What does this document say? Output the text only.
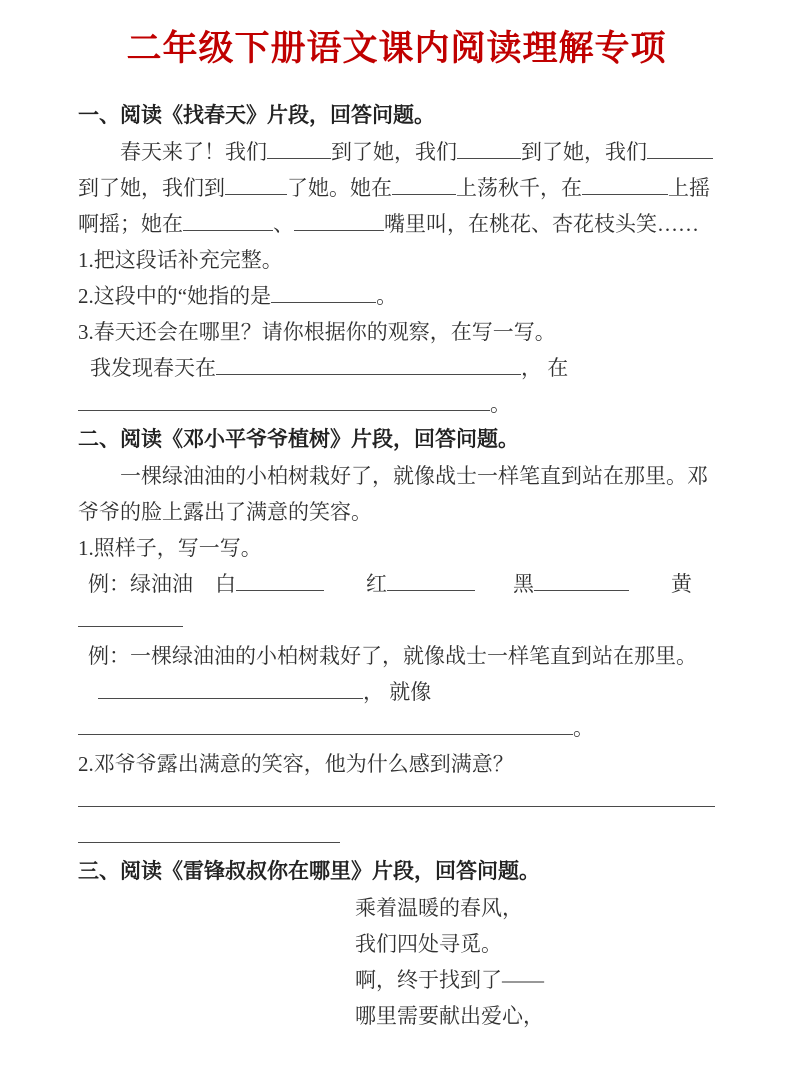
二年级下册语文课内阅读理解专项

一、阅读《找春天》片段，回答问题。

春天来了！我们	到了她，我们	到了她，我们

到了她，我们到	了她。她在	上荡秋千，在	上摇

啊摇；她在	、	嘴里叫，在桃花、杏花枝头笑……

1.把这段话补充完整。

2.这段中的“她指的是	。

3.春天还会在哪里？请你根据你的观察，在写一写。

我发现春天在	， 在

。

二、阅读《邓小平爷爷植树》片段，回答问题。

一棵绿油油的小柏树栽好了，就像战士一样笔直到站在那里。邓

爷爷的脸上露出了满意的笑容。

1.照样子，写一写。

例：绿油油 白	红	黑	黄

例：一棵绿油油的小柏树栽好了，就像战士一样笔直到站在那里。

， 就像

。

2.邓爷爷露出满意的笑容，他为什么感到满意？

三、阅读《雷锋叔叔你在哪里》片段，回答问题。

乘着温暖的春风，

我们四处寻觅。

啊，终于找到了——

哪里需要献出爱心，
